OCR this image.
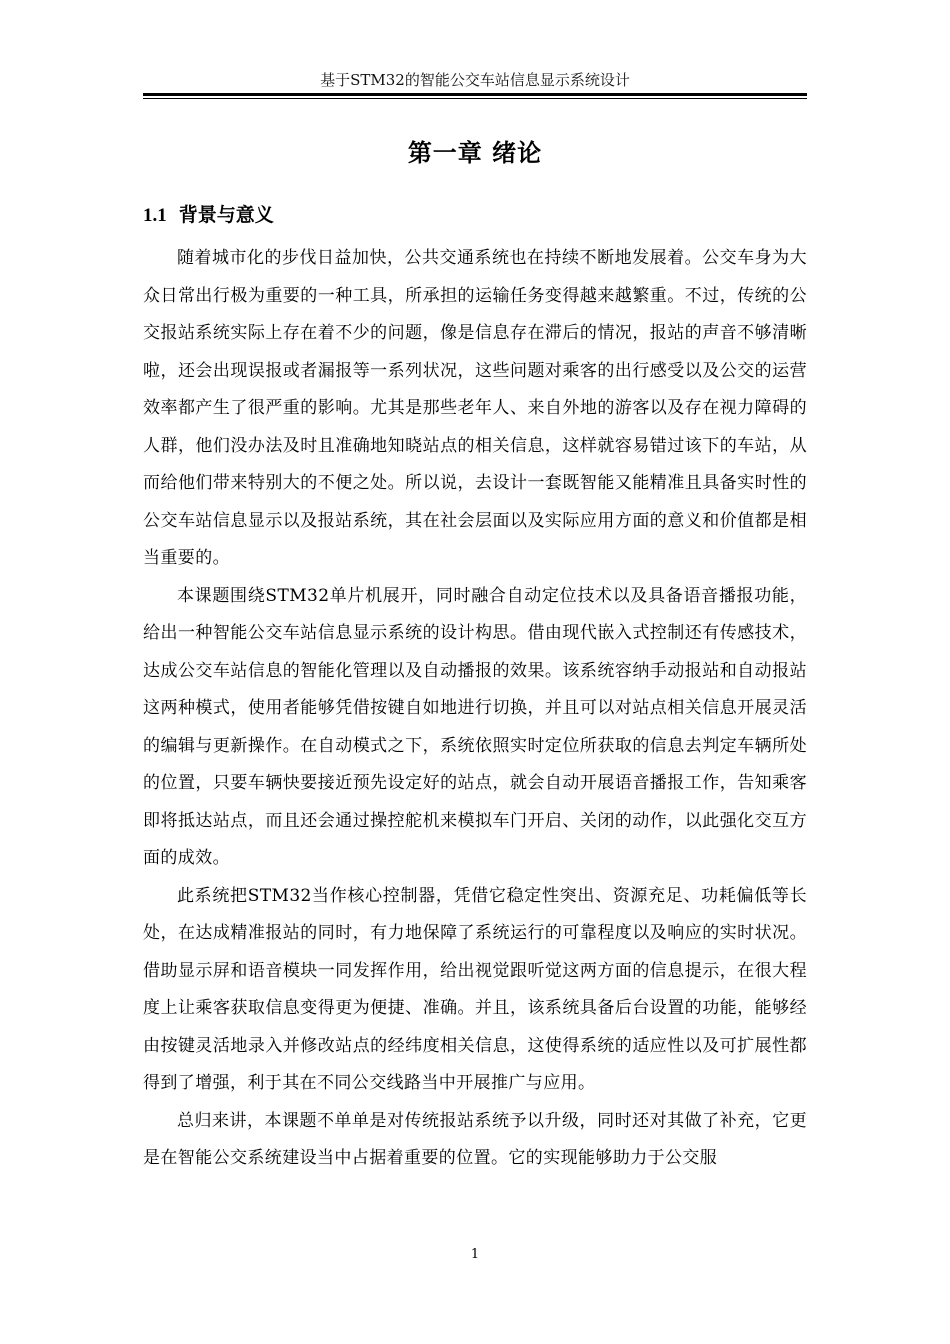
基于STM32的智能公交车站信息显示系统设计
第一章 绪论
1.1 背景与意义

随着城市化的步伐日益加快，公共交通系统也在持续不断地发展着。公交车身为大众日常出行极为重要的一种工具，所承担的运输任务变得越来越繁重。不过，传统的公交报站系统实际上存在着不少的问题，像是信息存在滞后的情况，报站的声音不够清晰啦，还会出现误报或者漏报等一系列状况，这些问题对乘客的出行感受以及公交的运营效率都产生了很严重的影响。尤其是那些老年人、来自外地的游客以及存在视力障碍的人群，他们没办法及时且准确地知晓站点的相关信息，这样就容易错过该下的车站，从而给他们带来特别大的不便之处。所以说，去设计一套既智能又能精准且具备实时性的公交车站信息显示以及报站系统，其在社会层面以及实际应用方面的意义和价值都是相当重要的。

本课题围绕STM32单片机展开，同时融合自动定位技术以及具备语音播报功能，给出一种智能公交车站信息显示系统的设计构思。借由现代嵌入式控制还有传感技术，达成公交车站信息的智能化管理以及自动播报的效果。该系统容纳手动报站和自动报站这两种模式，使用者能够凭借按键自如地进行切换，并且可以对站点相关信息开展灵活的编辑与更新操作。在自动模式之下，系统依照实时定位所获取的信息去判定车辆所处的位置，只要车辆快要接近预先设定好的站点，就会自动开展语音播报工作，告知乘客即将抵达站点，而且还会通过操控舵机来模拟车门开启、关闭的动作，以此强化交互方面的成效。

此系统把STM32当作核心控制器，凭借它稳定性突出、资源充足、功耗偏低等长处，在达成精准报站的同时，有力地保障了系统运行的可靠程度以及响应的实时状况。借助显示屏和语音模块一同发挥作用，给出视觉跟听觉这两方面的信息提示，在很大程度上让乘客获取信息变得更为便捷、准确。并且，该系统具备后台设置的功能，能够经由按键灵活地录入并修改站点的经纬度相关信息，这使得系统的适应性以及可扩展性都得到了增强，利于其在不同公交线路当中开展推广与应用。

总归来讲，本课题不单单是对传统报站系统予以升级，同时还对其做了补充，它更是在智能公交系统建设当中占据着重要的位置。它的实现能够助力于公交服

1
